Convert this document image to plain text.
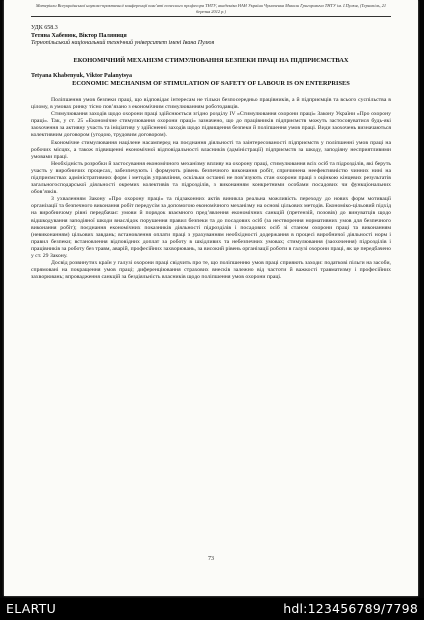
Матеріали Всеукраїнської науково-практичної конференції пам’яті почесного професора ТНТУ, академіка НАН України Чумаченка Миколи Григоровича ТНТУ ім. І.Пулюя, (Тернопіль, 21 березня 2012 р.)
УДК 658.3
Тетяна Хабенюк, Віктор Паляниця
Тернопільський національний технічний університет імені Івана Пулюя
ЕКОНОМІЧНИЙ МЕХАНІЗМ СТИМУЛЮВАННЯ БЕЗПЕКИ ПРАЦІ НА ПІДПРИЄМСТВАХ
Tetyana Khabenyuk, Viktor Palanytsya
ECONOMIC MECHANISM OF STIMULATION OF SAFETY OF LABOUR IS ON ENTERPRISES

Поліпшення умов безпеки праці, що відповідає інтересам не тільки безпосередньо працівників, а й підприємців та всього суспільства в цілому, в умовах ринку тісно пов’язано з економічним стимулюванням роботодавців.

Стимулювання заходів щодо охорони праці здійснюється згідно розділу IV «Стимулювання охорони праці» Закону України «Про охорону праці». Так, у ст. 25 «Економічне стимулювання охорони праці» зазначено, що до працівників підприємств можуть застосовуватися будь-які заохочення за активну участь та ініціативу у здійсненні заходів щодо підвищення безпеки й поліпшення умов праці. Види заохочень визначаються колективним договором (угодою, трудовим договором).

Економічне стимулювання націлене насамперед на поєднання діяльності та заінтересованості підприємств у поліпшенні умов праці на робочих місцях, а також підвищенні економічної відповідальності власників (адміністрації) підприємств за шкоду, заподіяну несприятливими умовами праці.

Необхідність розробки й застосування економічного механізму впливу на охорону праці, стимулювання всіх осіб та підрозділів, які беруть участь у виробничих процесах, забезпечують і формують рівень безпечного виконання робіт, спричинена неефективністю чинних нині на підприємствах адміністративних форм і методів управління, оскільки останні не пов’язують стан охорони праці з оцінкою кінцевих результатів загальногосподарської діяльності окремих колективів та підрозділів, з виконанням конкретними особами посадових чи функціональних обов’язків.

З ухваленням Закону «Про охорону праці» та підзаконних актів виникла реальна можливість переходу до нових форм мотивації організації та безпечного виконання робіт передусім за допомогою економічного механізму на основі цільових методів. Економіко-цільовий підхід на виробничому рівні передбачає: умови й порядок взаємного пред’явлення економічних санкцій (претензій, позовів) до винуватців щодо відшкодування заподіяної шкоди внаслідок порушення правил безпеки та до посадових осіб (за нестворення нормативних умов для безпечного виконання робіт); поєднання економічних показників діяльності підрозділів і посадових осіб зі станом охорони праці та виконанням (невиконанням) цільових завдань; встановлення оплати праці з урахуванням необхідності додержання в процесі виробничої діяльності норм і правил безпеки; встановлення відповідних доплат за роботу в шкідливих та небезпечних умовах; стимулювання (заохочення) підрозділів і працівників за роботу без травм, аварій, професійних захворювань, за високий рівень організації роботи в галузі охорони праці, як це передбачено у ст. 29 Закону.

Досвід розвинутих країн у галузі охорони праці свідчить про те, що поліпшенню умов праці сприяють заходи: податкові пільги на засоби, спрямовані на покращення умов праці; диференціювання страхових внесків залежно від частоти й важкості травматизму і професійних захворювань; впровадження санкцій за бездіяльність власників щодо поліпшення умов охорони праці.

73
ELARTU	hdl:123456789/7798
